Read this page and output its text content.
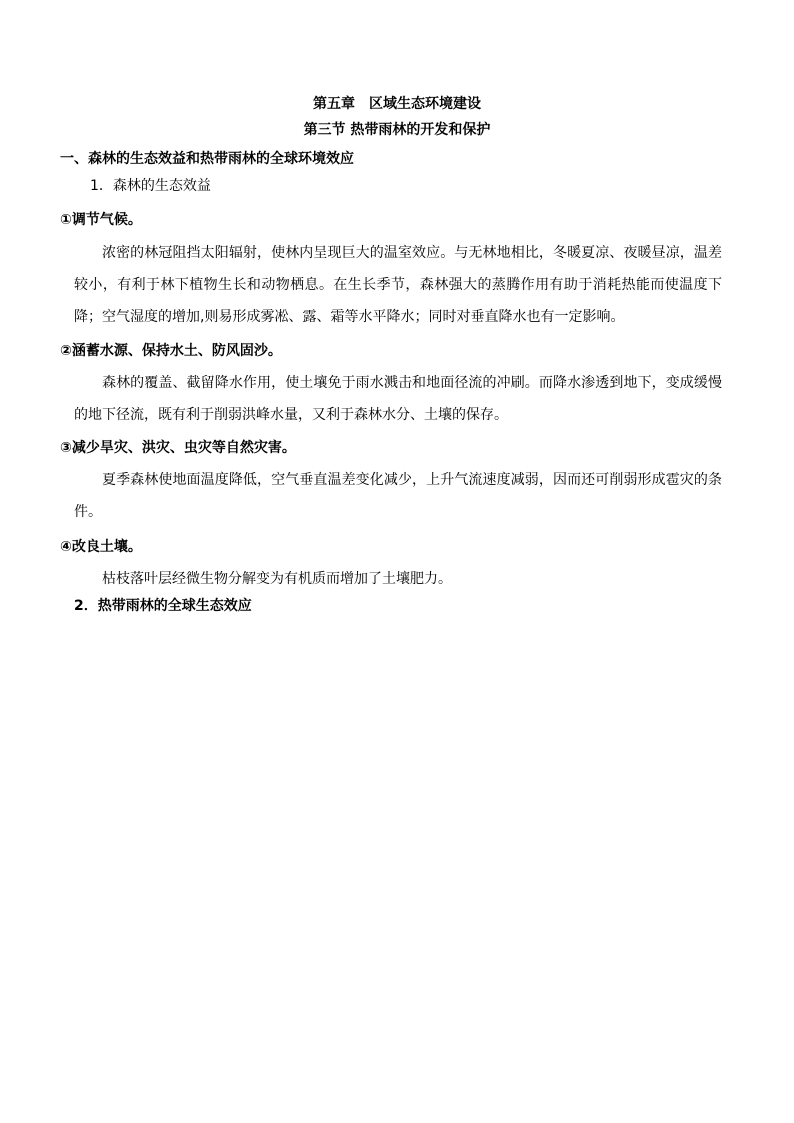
第五章　区域生态环境建设
第三节 热带雨林的开发和保护
一、森林的生态效益和热带雨林的全球环境效应
1．森林的生态效益
①调节气候。

浓密的林冠阻挡太阳辐射，使林内呈现巨大的温室效应。与无林地相比，冬暖夏凉、夜暖昼凉，温差较小，有利于林下植物生长和动物栖息。在生长季节，森林强大的蒸腾作用有助于消耗热能而使温度下降；空气湿度的增加,则易形成雾凇、露、霜等水平降水；同时对垂直降水也有一定影响。

②涵蓄水源、保持水土、防风固沙。

森林的覆盖、截留降水作用，使土壤免于雨水溅击和地面径流的冲刷。而降水渗透到地下，变成缓慢的地下径流，既有利于削弱洪峰水量，又利于森林水分、土壤的保存。

③减少旱灾、洪灾、虫灾等自然灾害。

夏季森林使地面温度降低，空气垂直温差变化减少，上升气流速度减弱，因而还可削弱形成雹灾的条件。

④改良土壤。

枯枝落叶层经微生物分解变为有机质而增加了土壤肥力。

2．热带雨林的全球生态效应
